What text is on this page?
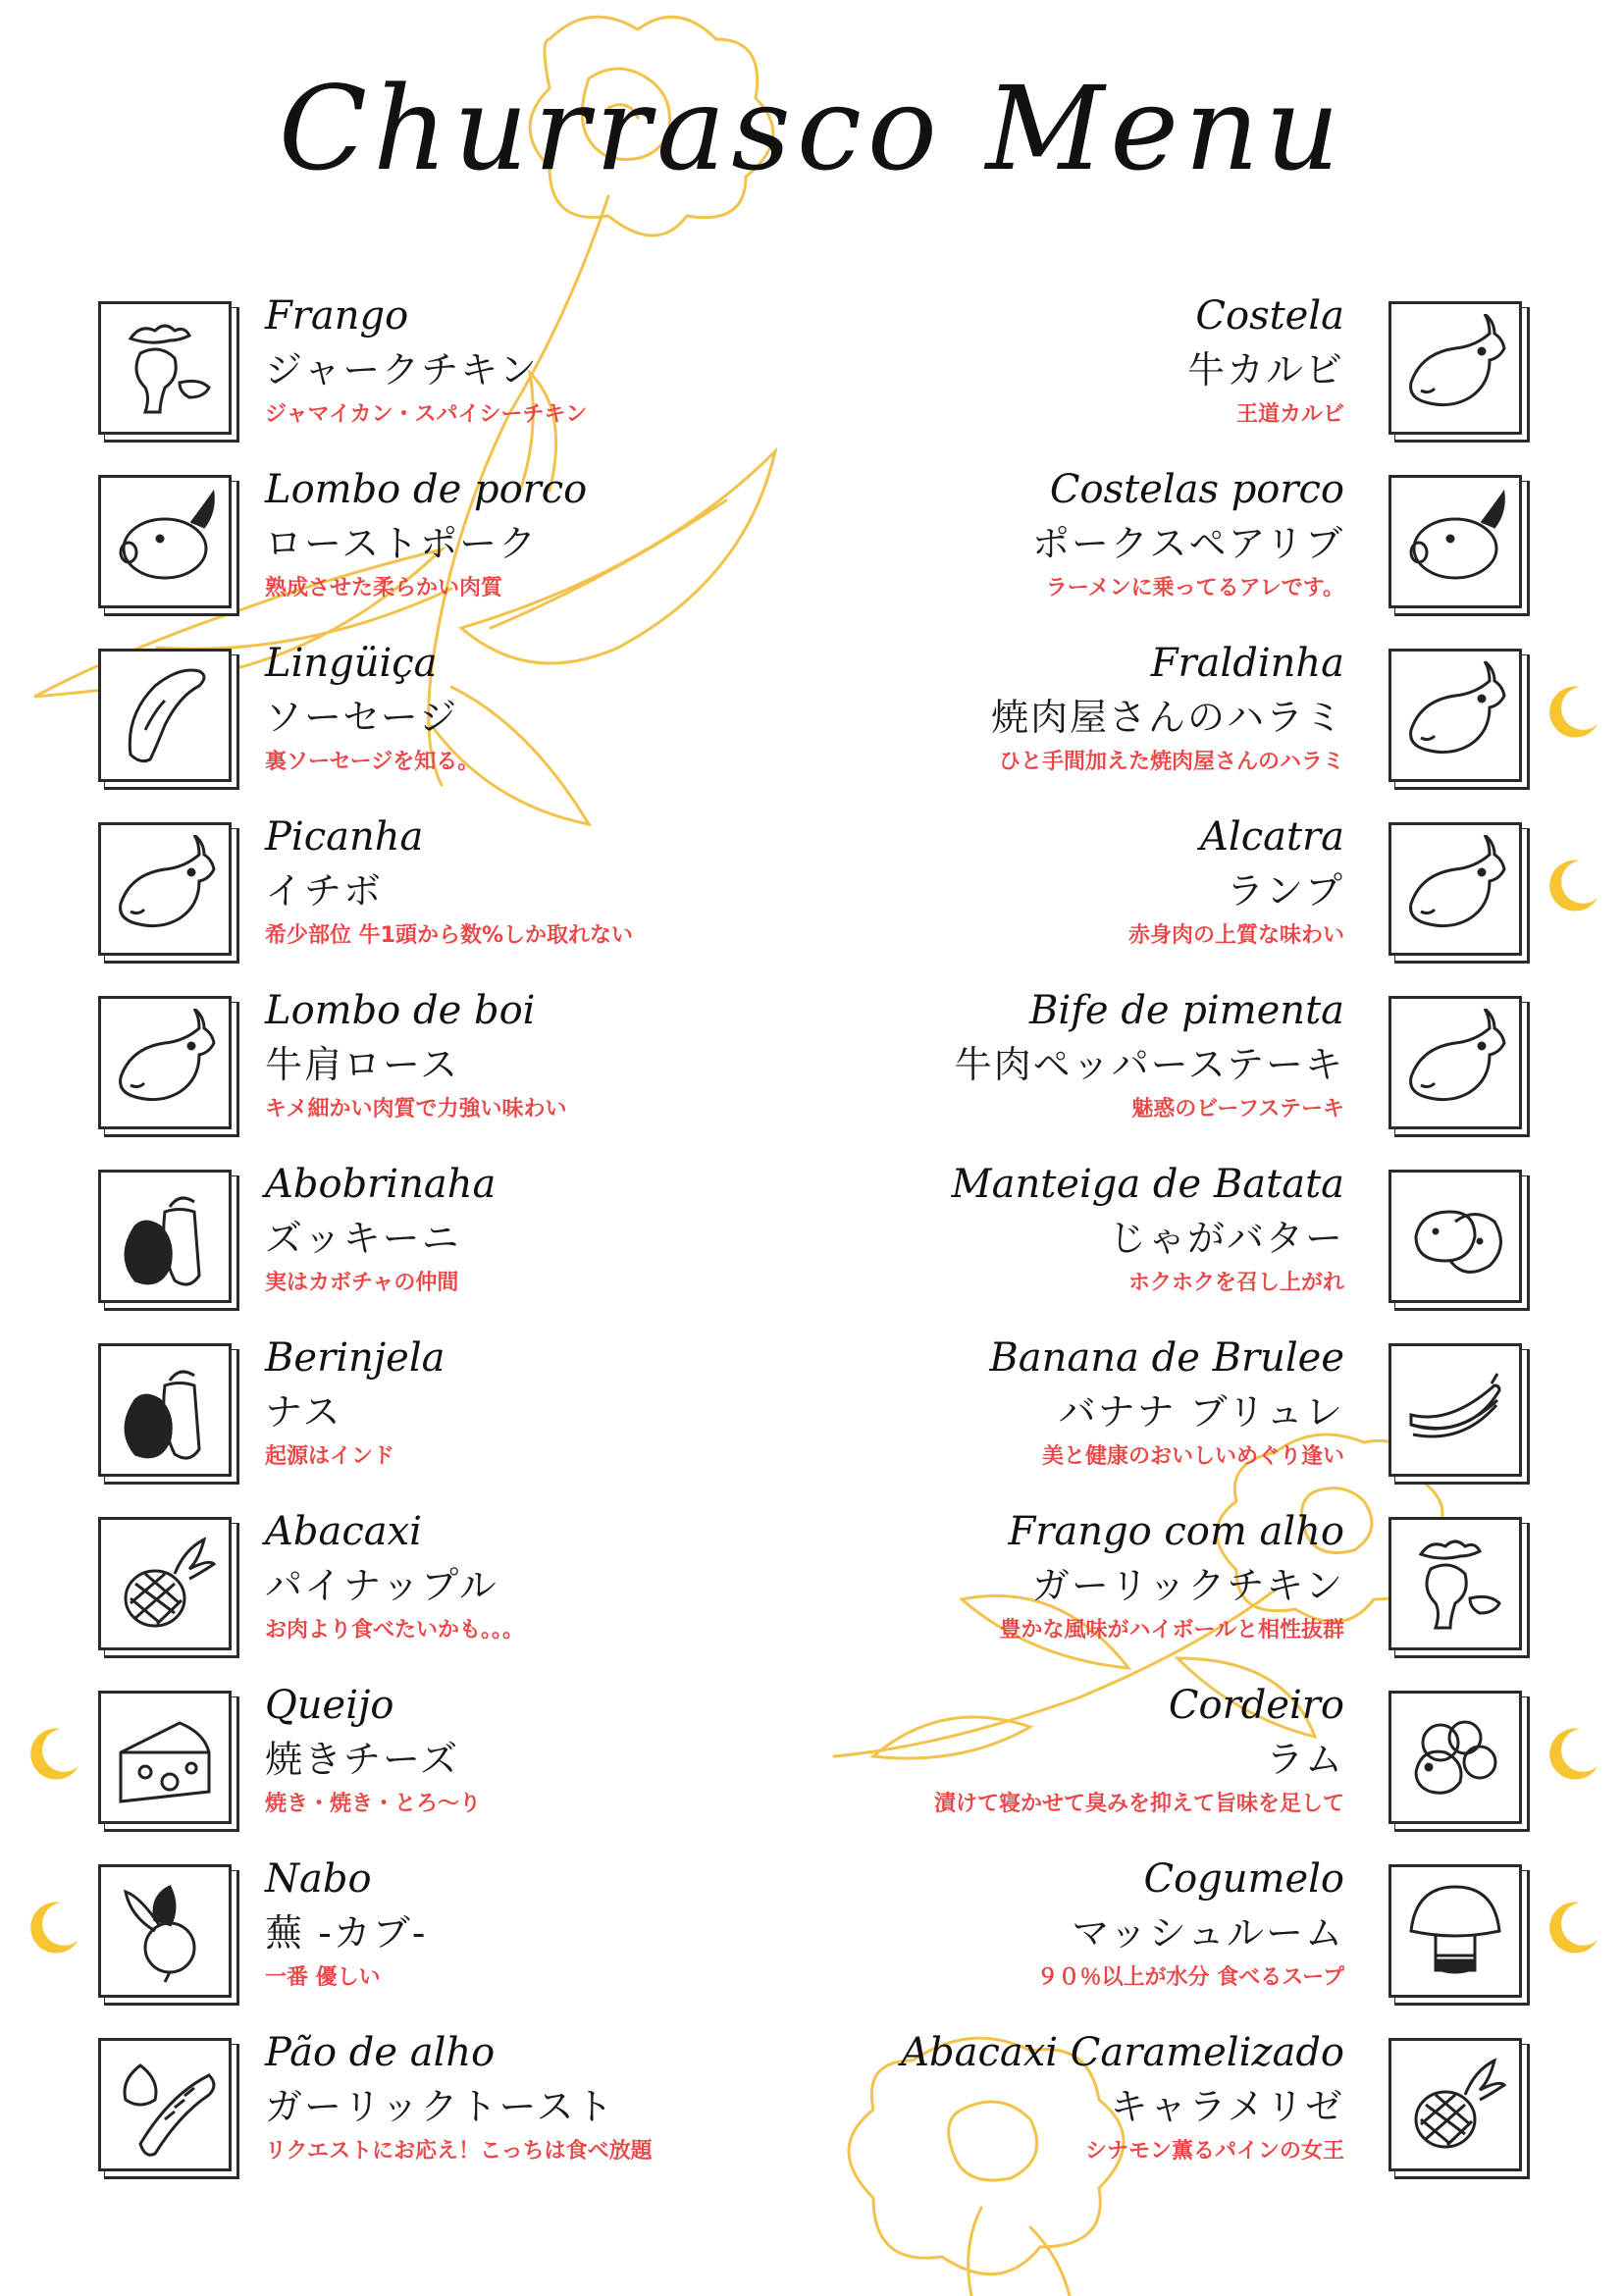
Churrasco Menu
Frango
ジャークチキン
ジャマイカン・スパイシーチキン
Lombo de porco
ローストポーク
熟成させた柔らかい肉質
Lingüiça
ソーセージ
裏ソーセージを知る。
Picanha
イチボ
希少部位 牛1頭から数%しか取れない
Lombo de boi
牛肩ロース
キメ細かい肉質で力強い味わい
Abobrinaha
ズッキーニ
実はカボチャの仲間
Berinjela
ナス
起源はインド
Abacaxi
パイナップル
お肉より食べたいかも。。。
Queijo
焼きチーズ
焼き・焼き・とろ〜り
Nabo
蕪 -カブ-
一番 優しい
Pão de alho
ガーリックトースト
リクエストにお応え！こっちは食べ放題
Costela
牛カルビ
王道カルビ
Costelas porco
ポークスペアリブ
ラーメンに乗ってるアレです。
Fraldinha
焼肉屋さんのハラミ
ひと手間加えた焼肉屋さんのハラミ
Alcatra
ランプ
赤身肉の上質な味わい
Bife de pimenta
牛肉ペッパーステーキ
魅惑のビーフステーキ
Manteiga de Batata
じゃがバター
ホクホクを召し上がれ
Banana de Brulee
バナナ ブリュレ
美と健康のおいしいめぐり逢い
Frango com alho
ガーリックチキン
豊かな風味がハイボールと相性抜群
Cordeiro
ラム
漬けて寝かせて臭みを抑えて旨味を足して
Cogumelo
マッシュルーム
９０％以上が水分 食べるスープ
Abacaxi Caramelizado
キャラメリゼ
シナモン薫るパインの女王
